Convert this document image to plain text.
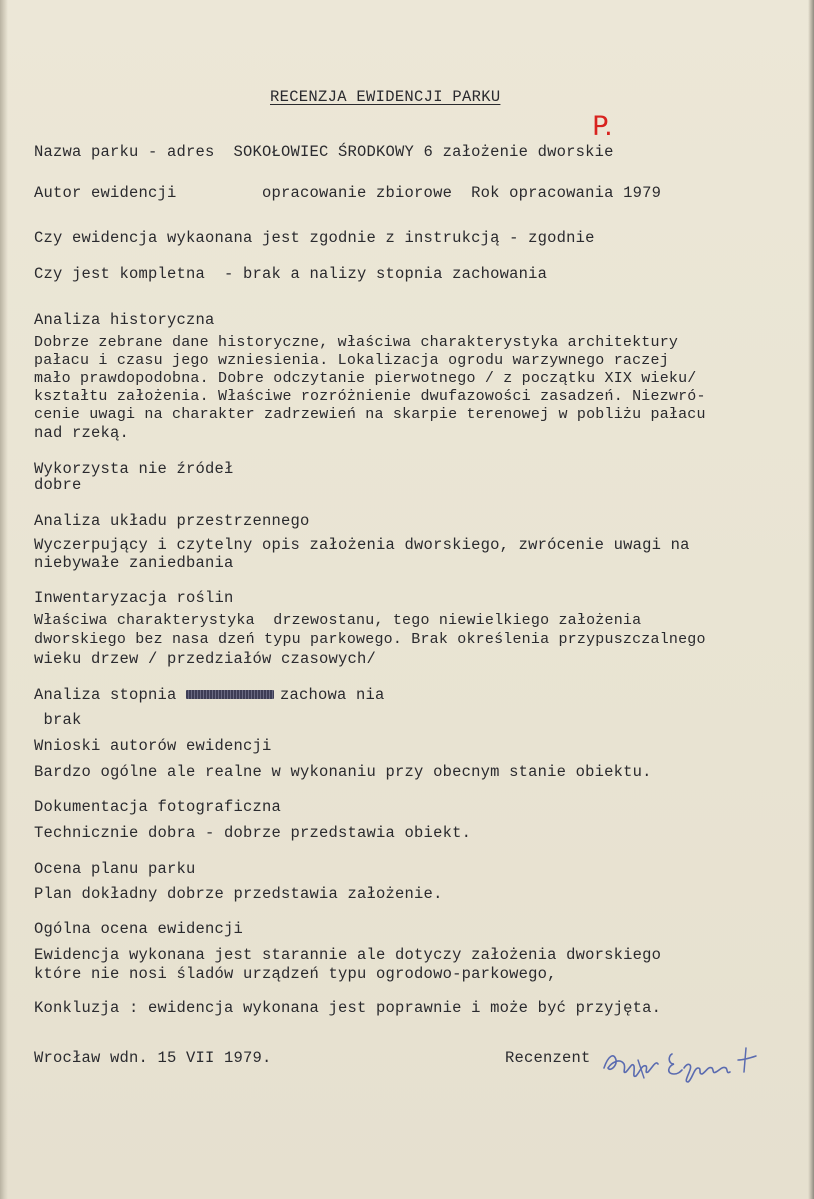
RECENZJA EWIDENCJI PARKU
P.
Nazwa parku - adres  SOKOŁOWIEC ŚRODKOWY 6 założenie dworskie
Autor ewidencji         opracowanie zbiorowe  Rok opracowania 1979
Czy ewidencja wykaonana jest zgodnie z instrukcją - zgodnie
Czy jest kompletna  - brak a nalizy stopnia zachowania
Analiza historyczna
Dobrze zebrane dane historyczne, właściwa charakterystyka architektury
pałacu i czasu jego wzniesienia. Lokalizacja ogrodu warzywnego raczej
mało prawdopodobna. Dobre odczytanie pierwotnego / z początku XIX wieku/
kształtu założenia. Właściwe rozróżnienie dwufazowości zasadzeń. Niezwró-
cenie uwagi na charakter zadrzewień na skarpie terenowej w pobliżu pałacu
nad rzeką.
Wykorzysta nie źródeł
dobre
Analiza układu przestrzennego
Wyczerpujący i czytelny opis założenia dworskiego, zwrócenie uwagi na
niebywałe zaniedbania
Inwentaryzacja roślin
Właściwa charakterystyka  drzewostanu, tego niewielkiego założenia
dworskiego bez nasa dzeń typu parkowego. Brak określenia przypuszczalnego
wieku drzew / przedziałów czasowych/
Analiza stopnia	zachowa nia
brak
Wnioski autorów ewidencji
Bardzo ogólne ale realne w wykonaniu przy obecnym stanie obiektu.
Dokumentacja fotograficzna
Technicznie dobra - dobrze przedstawia obiekt.
Ocena planu parku
Plan dokładny dobrze przedstawia założenie.
Ogólna ocena ewidencji
Ewidencja wykonana jest starannie ale dotyczy założenia dworskiego
które nie nosi śladów urządzeń typu ogrodowo-parkowego,
Konkluzja : ewidencja wykonana jest poprawnie i może być przyjęta.
Wrocław wdn. 15 VII 1979.	Recenzent
